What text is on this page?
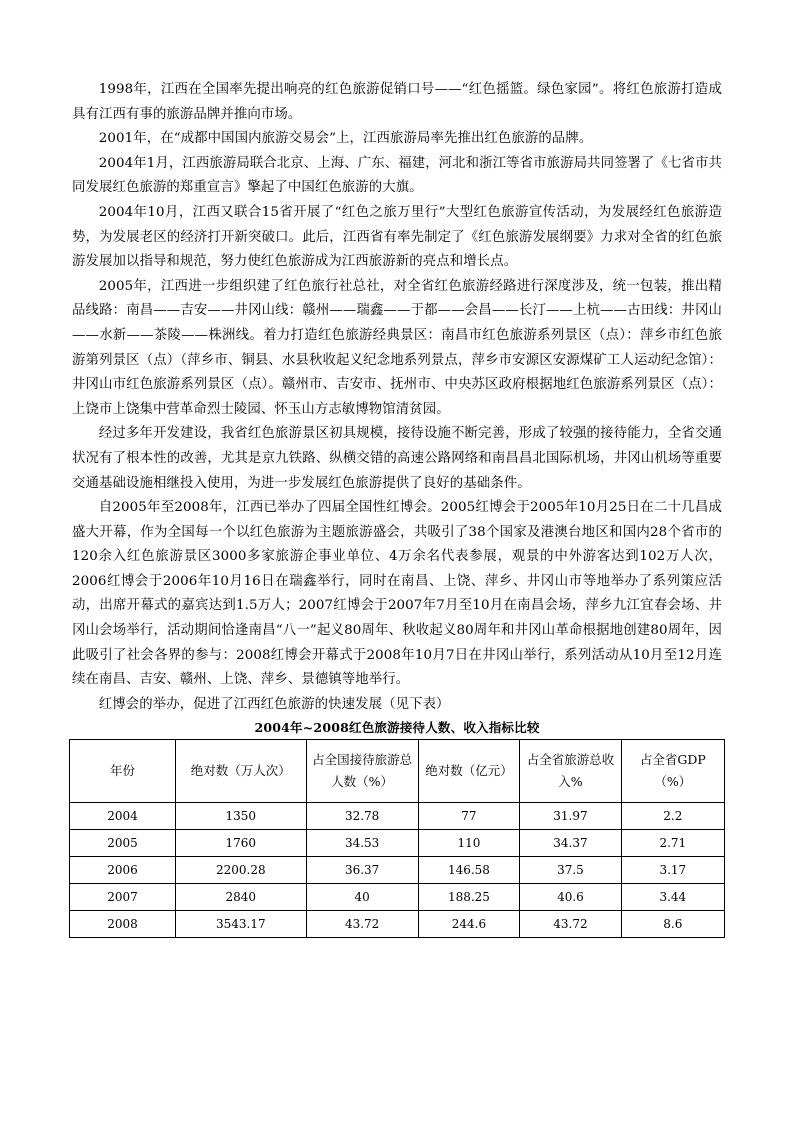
1998年，江西在全国率先提出响亮的红色旅游促销口号——“红色摇篮。绿色家园”。将红色旅游打造成具有江西有事的旅游品牌并推向市场。

2001年，在“成都中国国内旅游交易会”上，江西旅游局率先推出红色旅游的品牌。

2004年1月，江西旅游局联合北京、上海、广东、福建，河北和浙江等省市旅游局共同签署了《七省市共同发展红色旅游的郑重宣言》擎起了中国红色旅游的大旗。

2004年10月，江西又联合15省开展了“红色之旅万里行”大型红色旅游宣传活动，为发展经红色旅游造势，为发展老区的经济打开新突破口。此后，江西省有率先制定了《红色旅游发展纲要》力求对全省的红色旅游发展加以指导和规范，努力使红色旅游成为江西旅游新的亮点和增长点。

2005年，江西进一步组织建了红色旅行社总社，对全省红色旅游经路进行深度涉及，统一包装，推出精品线路：南昌——吉安——井冈山线：赣州——瑞鑫——于都——会昌——长汀——上杭——古田线：井冈山——水新——茶陵——株洲线。着力打造红色旅游经典景区：南昌市红色旅游系列景区（点）：萍乡市红色旅游第列景区（点）（萍乡市、铜县、水县秋收起义纪念地系列景点，萍乡市安源区安源煤矿工人运动纪念馆）：井冈山市红色旅游系列景区（点）。赣州市、吉安市、抚州市、中央苏区政府根据地红色旅游系列景区（点）：上饶市上饶集中营革命烈士陵园、怀玉山方志敏博物馆清贫园。

经过多年开发建设，我省红色旅游景区初具规模，接待设施不断完善，形成了较强的接待能力，全省交通状况有了根本性的改善，尤其是京九铁路、纵横交错的高速公路网络和南昌昌北国际机场，井冈山机场等重要交通基础设施相继投入使用，为进一步发展红色旅游提供了良好的基础条件。

自2005年至2008年，江西已举办了四届全国性红博会。2005红博会于2005年10月25日在二十几昌成盛大开幕，作为全国每一个以红色旅游为主题旅游盛会，共吸引了38个国家及港澳台地区和国内28个省市的120余入红色旅游景区3000多家旅游企事业单位、4万余名代表参展，观景的中外游客达到102万人次，2006红博会于2006年10月16日在瑞鑫举行，同时在南昌、上饶、萍乡、井冈山市等地举办了系列策应活动，出席开幕式的嘉宾达到1.5万人；2007红博会于2007年7月至10月在南昌会场，萍乡九江宜春会场、井冈山会场举行，活动期间恰逢南昌“八一”起义80周年、秋收起义80周年和井冈山革命根据地创建80周年，因此吸引了社会各界的参与：2008红博会开幕式于2008年10月7日在井冈山举行，系列活动从10月至12月连续在南昌、吉安、赣州、上饶、萍乡、景德镇等地举行。

红博会的举办，促进了江西红色旅游的快速发展（见下表）

2004年~2008红色旅游接待人数、收入指标比较

年份	绝对数（万人次）	占全国接待旅游总人数（%）	绝对数（亿元）	占全省旅游总收入%	占全省GDP（%）
2004	1350	32.78	77	31.97	2.2
2005	1760	34.53	110	34.37	2.71
2006	2200.28	36.37	146.58	37.5	3.17
2007	2840	40	188.25	40.6	3.44
2008	3543.17	43.72	244.6	43.72	8.6
